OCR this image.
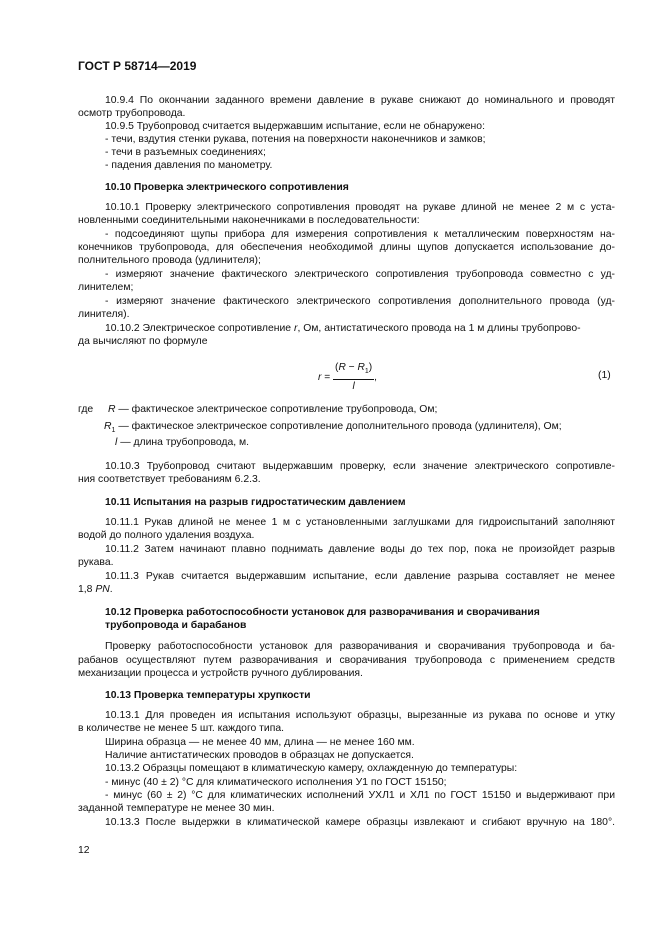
ГОСТ Р 58714—2019
10.9.4 По окончании заданного времени давление в рукаве снижают до номинального и проводят
осмотр трубопровода.
10.9.5 Трубопровод считается выдержавшим испытание, если не обнаружено:
- течи, вздутия стенки рукава, потения на поверхности наконечников и замков;
- течи в разъемных соединениях;
- падения давления по манометру.
10.10 Проверка электрического сопротивления
10.10.1 Проверку электрического сопротивления проводят на рукаве длиной не менее 2 м с уста-
новленными соединительными наконечниками в последовательности:
- подсоединяют щупы прибора для измерения сопротивления к металлическим поверхностям на-
конечников трубопровода, для обеспечения необходимой длины щупов допускается использование до-
полнительного провода (удлинителя);
- измеряют значение фактического электрического сопротивления трубопровода совместно с уд-
линителем;
- измеряют значение фактического электрического сопротивления дополнительного провода (уд-
линителя).
10.10.2 Электрическое сопротивление r, Ом, антистатического провода на 1 м длины трубопрово-
да вычисляют по формуле
$r = \frac{(R - R_1)}{l}$ ,	(1)
где R — фактическое электрическое сопротивление трубопровода, Ом;
$R_1$ — фактическое электрическое сопротивление дополнительного провода (удлинителя), Ом;
l — длина трубопровода, м.
10.10.3 Трубопровод считают выдержавшим проверку, если значение электрического сопротивле-
ния соответствует требованиям 6.2.3.
10.11 Испытания на разрыв гидростатическим давлением
10.11.1 Рукав длиной не менее 1 м с установленными заглушками для гидроиспытаний заполняют
водой до полного удаления воздуха.
10.11.2 Затем начинают плавно поднимать давление воды до тех пор, пока не произойдет разрыв
рукава.
10.11.3 Рукав считается выдержавшим испытание, если давление разрыва составляет не менее
1,8 PN.
10.12 Проверка работоспособности установок для разворачивания и сворачивания
трубопровода и барабанов
Проверку работоспособности установок для разворачивания и сворачивания трубопровода и ба-
рабанов осуществляют путем разворачивания и сворачивания трубопровода с применением средств
механизации процесса и устройств ручного дублирования.
10.13 Проверка температуры хрупкости
10.13.1 Для проведен ия испытания используют образцы, вырезанные из рукава по основе и утку
в количестве не менее 5 шт. каждого типа.
Ширина образца — не менее 40 мм, длина — не менее 160 мм.
Наличие антистатических проводов в образцах не допускается.
10.13.2 Образцы помещают в климатическую камеру, охлажденную до температуры:
- минус (40 ± 2) °С для климатического исполнения У1 по ГОСТ 15150;
- минус (60 ± 2) °С для климатических исполнений УХЛ1 и ХЛ1 по ГОСТ 15150 и выдерживают при
заданной температуре не менее 30 мин.
10.13.3 После выдержки в климатической камере образцы извлекают и сгибают вручную на 180°.
12
